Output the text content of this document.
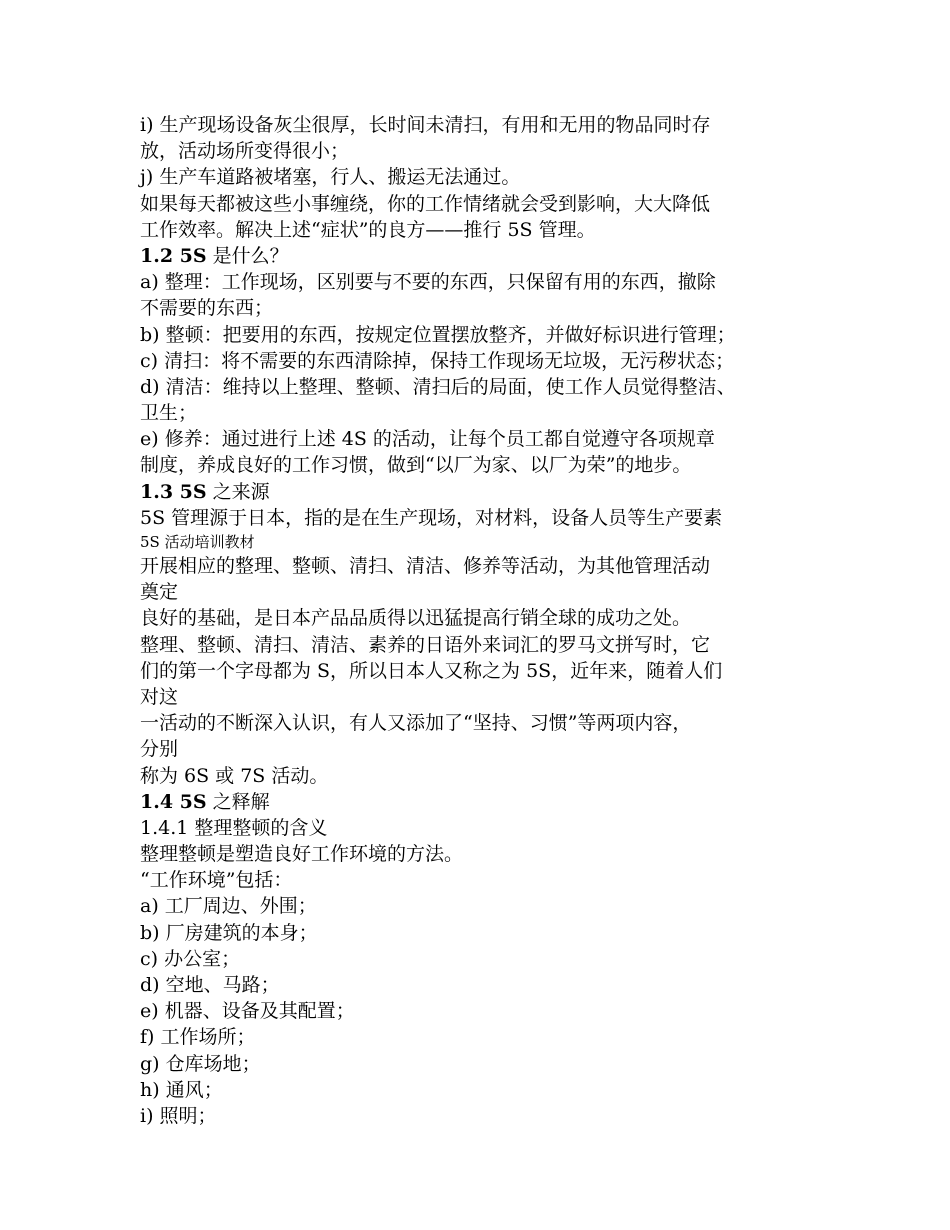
i) 生产现场设备灰尘很厚，长时间未清扫，有用和无用的物品同时存
放，活动场所变得很小；
j) 生产车道路被堵塞，行人、搬运无法通过。
如果每天都被这些小事缠绕，你的工作情绪就会受到影响，大大降低
工作效率。解决上述“症状”的良方——推行 5S 管理。
1.2 5S 是什么？
a) 整理：工作现场，区别要与不要的东西，只保留有用的东西，撤除
不需要的东西；
b) 整顿：把要用的东西，按规定位置摆放整齐，并做好标识进行管理；
c) 清扫：将不需要的东西清除掉，保持工作现场无垃圾，无污秽状态；
d) 清洁：维持以上整理、整顿、清扫后的局面，使工作人员觉得整洁、
卫生；
e) 修养：通过进行上述 4S 的活动，让每个员工都自觉遵守各项规章
制度，养成良好的工作习惯，做到“以厂为家、以厂为荣”的地步。
1.3 5S 之来源
5S 管理源于日本，指的是在生产现场，对材料，设备人员等生产要素
5S 活动培训教材
开展相应的整理、整顿、清扫、清洁、修养等活动，为其他管理活动
奠定
良好的基础，是日本产品品质得以迅猛提高行销全球的成功之处。
整理、整顿、清扫、清洁、素养的日语外来词汇的罗马文拼写时，它
们的第一个字母都为 S，所以日本人又称之为 5S，近年来，随着人们
对这
一活动的不断深入认识，有人又添加了“坚持、习惯”等两项内容，
分别
称为 6S 或 7S 活动。
1.4 5S 之释解
1.4.1 整理整顿的含义
整理整顿是塑造良好工作环境的方法。
“工作环境”包括：
a) 工厂周边、外围；
b) 厂房建筑的本身；
c) 办公室；
d) 空地、马路；
e) 机器、设备及其配置；
f) 工作场所；
g) 仓库场地；
h) 通风；
i) 照明；
